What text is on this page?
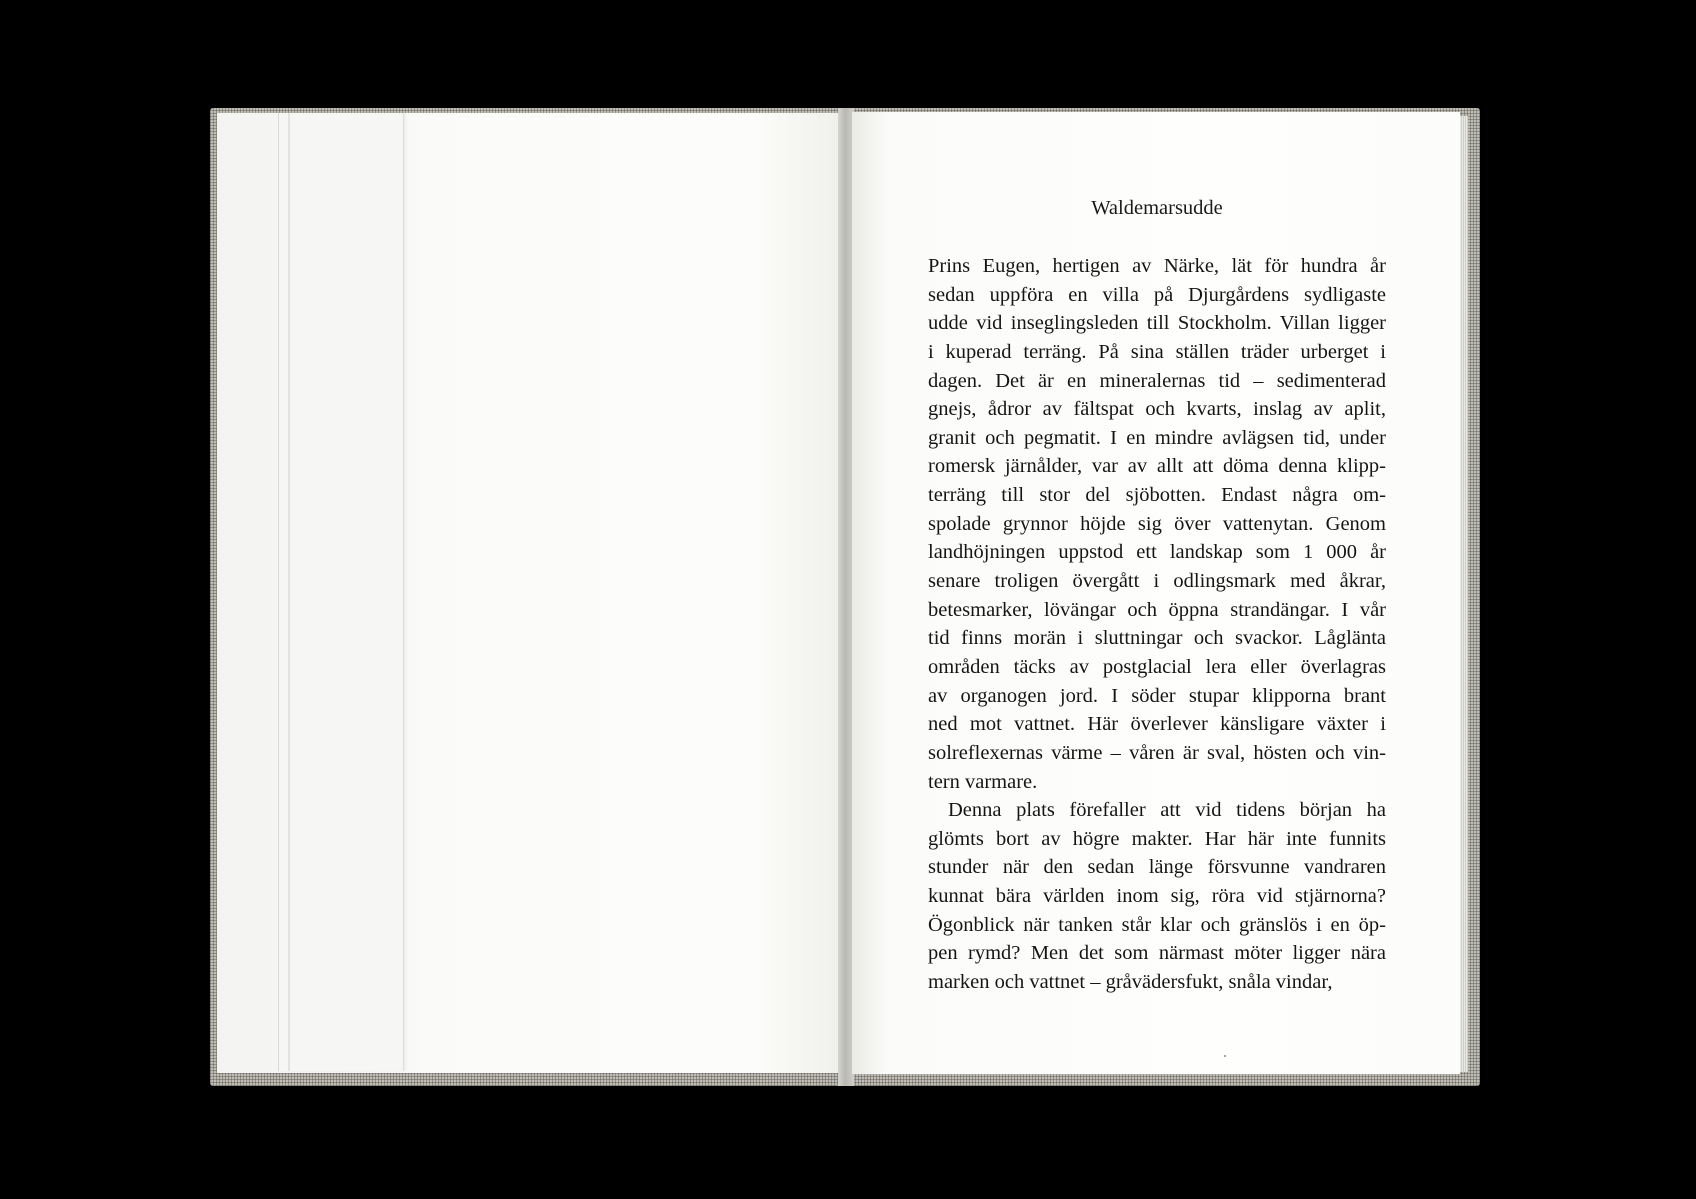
Waldemarsudde
Prins Eugen, hertigen av Närke, lät för hundra år
sedan uppföra en villa på Djurgårdens sydligaste
udde vid inseglingsleden till Stockholm. Villan ligger
i kuperad terräng. På sina ställen träder urberget i
dagen. Det är en mineralernas tid – sedimenterad
gnejs, ådror av fältspat och kvarts, inslag av aplit,
granit och pegmatit. I en mindre avlägsen tid, under
romersk järnålder, var av allt att döma denna klipp-
terräng till stor del sjöbotten. Endast några om-
spolade grynnor höjde sig över vattenytan. Genom
landhöjningen uppstod ett landskap som 1 000 år
senare troligen övergått i odlingsmark med åkrar,
betesmarker, lövängar och öppna strandängar. I vår
tid finns morän i sluttningar och svackor. Låglänta
områden täcks av postglacial lera eller överlagras
av organogen jord. I söder stupar klipporna brant
ned mot vattnet. Här överlever känsligare växter i
solreflexernas värme – våren är sval, hösten och vin-
tern varmare.
Denna plats förefaller att vid tidens början ha
glömts bort av högre makter. Har här inte funnits
stunder när den sedan länge försvunne vandraren
kunnat bära världen inom sig, röra vid stjärnorna?
Ögonblick när tanken står klar och gränslös i en öp-
pen rymd? Men det som närmast möter ligger nära
marken och vattnet – gråvädersfukt, snåla vindar,
